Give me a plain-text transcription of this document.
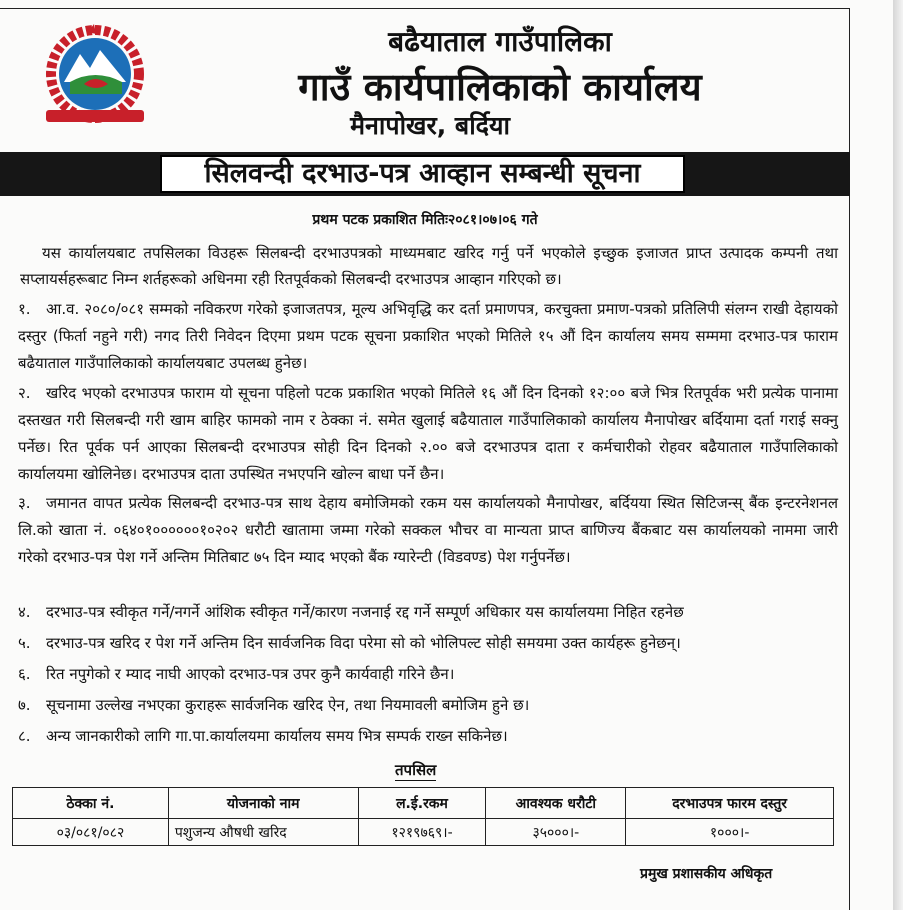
बढैयाताल गाउँपालिका
गाउँ कार्यपालिकाको कार्यालय
मैनापोखर, बर्दिया
सिलवन्दी दरभाउ-पत्र आव्हान सम्बन्धी सूचना
प्रथम पटक प्रकाशित मितिः२०८१।०७।०६ गते
यस कार्यालयबाट तपसिलका विउहरू सिलबन्दी दरभाउपत्रको माध्यमबाट खरिद गर्नु पर्ने भएकोले इच्छुक इजाजत प्राप्त उत्पादक कम्पनी तथा सप्लायर्सहरूबाट निम्न शर्तहरूको अधिनमा रही रितपूर्वकको सिलबन्दी दरभाउपत्र आव्हान गरिएको छ।
१. आ.व. २०८०/०८१ सम्मको नविकरण गरेको इजाजतपत्र, मूल्य अभिवृद्धि कर दर्ता प्रमाणपत्र, करचुक्ता प्रमाण-पत्रको प्रतिलिपी संलग्न राखी देहायको दस्तुर (फिर्ता नहुने गरी) नगद तिरी निवेदन दिएमा प्रथम पटक सूचना प्रकाशित भएको मितिले १५ औं दिन कार्यालय समय सम्ममा दरभाउ-पत्र फाराम बढैयाताल गाउँपालिकाको कार्यालयबाट उपलब्ध हुनेछ।
२. खरिद भएको दरभाउपत्र फाराम यो सूचना पहिलो पटक प्रकाशित भएको मितिले १६ औं दिन दिनको १२:०० बजे भित्र रितपूर्वक भरी प्रत्येक पानामा दस्तखत गरी सिलबन्दी गरी खाम बाहिर फामको नाम र ठेक्का नं. समेत खुलाई बढैयाताल गाउँपालिकाको कार्यालय मैनापोखर बर्दियामा दर्ता गराई सक्नु पर्नेछ। रित पूर्वक पर्न आएका सिलबन्दी दरभाउपत्र सोही दिन दिनको २.०० बजे दरभाउपत्र दाता र कर्मचारीको रोहवर बढैयाताल गाउँपालिकाको कार्यालयमा खोलिनेछ। दरभाउपत्र दाता उपस्थित नभएपनि खोल्न बाधा पर्ने छैन।
३. जमानत वापत प्रत्येक सिलबन्दी दरभाउ-पत्र साथ देहाय बमोजिमको रकम यस कार्यालयको मैनापोखर, बर्दियया स्थित सिटिजन्स् बैंक इन्टरनेशनल लि.को खाता नं. ०६४०१००००००१०२०२ धरौटी खातामा जम्मा गरेको सक्कल भौचर वा मान्यता प्राप्त बाणिज्य बैंकबाट यस कार्यालयको नाममा जारी गरेको दरभाउ-पत्र पेश गर्ने अन्तिम मितिबाट ७५ दिन म्याद भएको बैंक ग्यारेन्टी (विडवण्ड) पेश गर्नुपर्नेछ।
४. दरभाउ-पत्र स्वीकृत गर्ने/नगर्ने आंशिक स्वीकृत गर्ने/कारण नजनाई रद्द गर्ने सम्पूर्ण अधिकार यस कार्यालयमा निहित रहनेछ
५. दरभाउ-पत्र खरिद र पेश गर्ने अन्तिम दिन सार्वजनिक विदा परेमा सो को भोलिपल्ट सोही समयमा उक्त कार्यहरू हुनेछन्।
६. रित नपुगेको र म्याद नाघी आएको दरभाउ-पत्र उपर कुनै कार्यवाही गरिने छैन।
७. सूचनामा उल्लेख नभएका कुराहरू सार्वजनिक खरिद ऐन, तथा नियमावली बमोजिम हुने छ।
८. अन्य जानकारीको लागि गा.पा.कार्यालयमा कार्यालय समय भित्र सम्पर्क राख्न सकिनेछ।
तपसिल
ठेक्का नं.	योजनाको नाम	ल.ई.रकम	आवश्यक धरौटी	दरभाउपत्र फारम दस्तुर
०३/०८१/०८२	पशुजन्य औषधी खरिद	१२१९७६९।-	३५०००।-	१०००।-
प्रमुख प्रशासकीय अधिकृत
